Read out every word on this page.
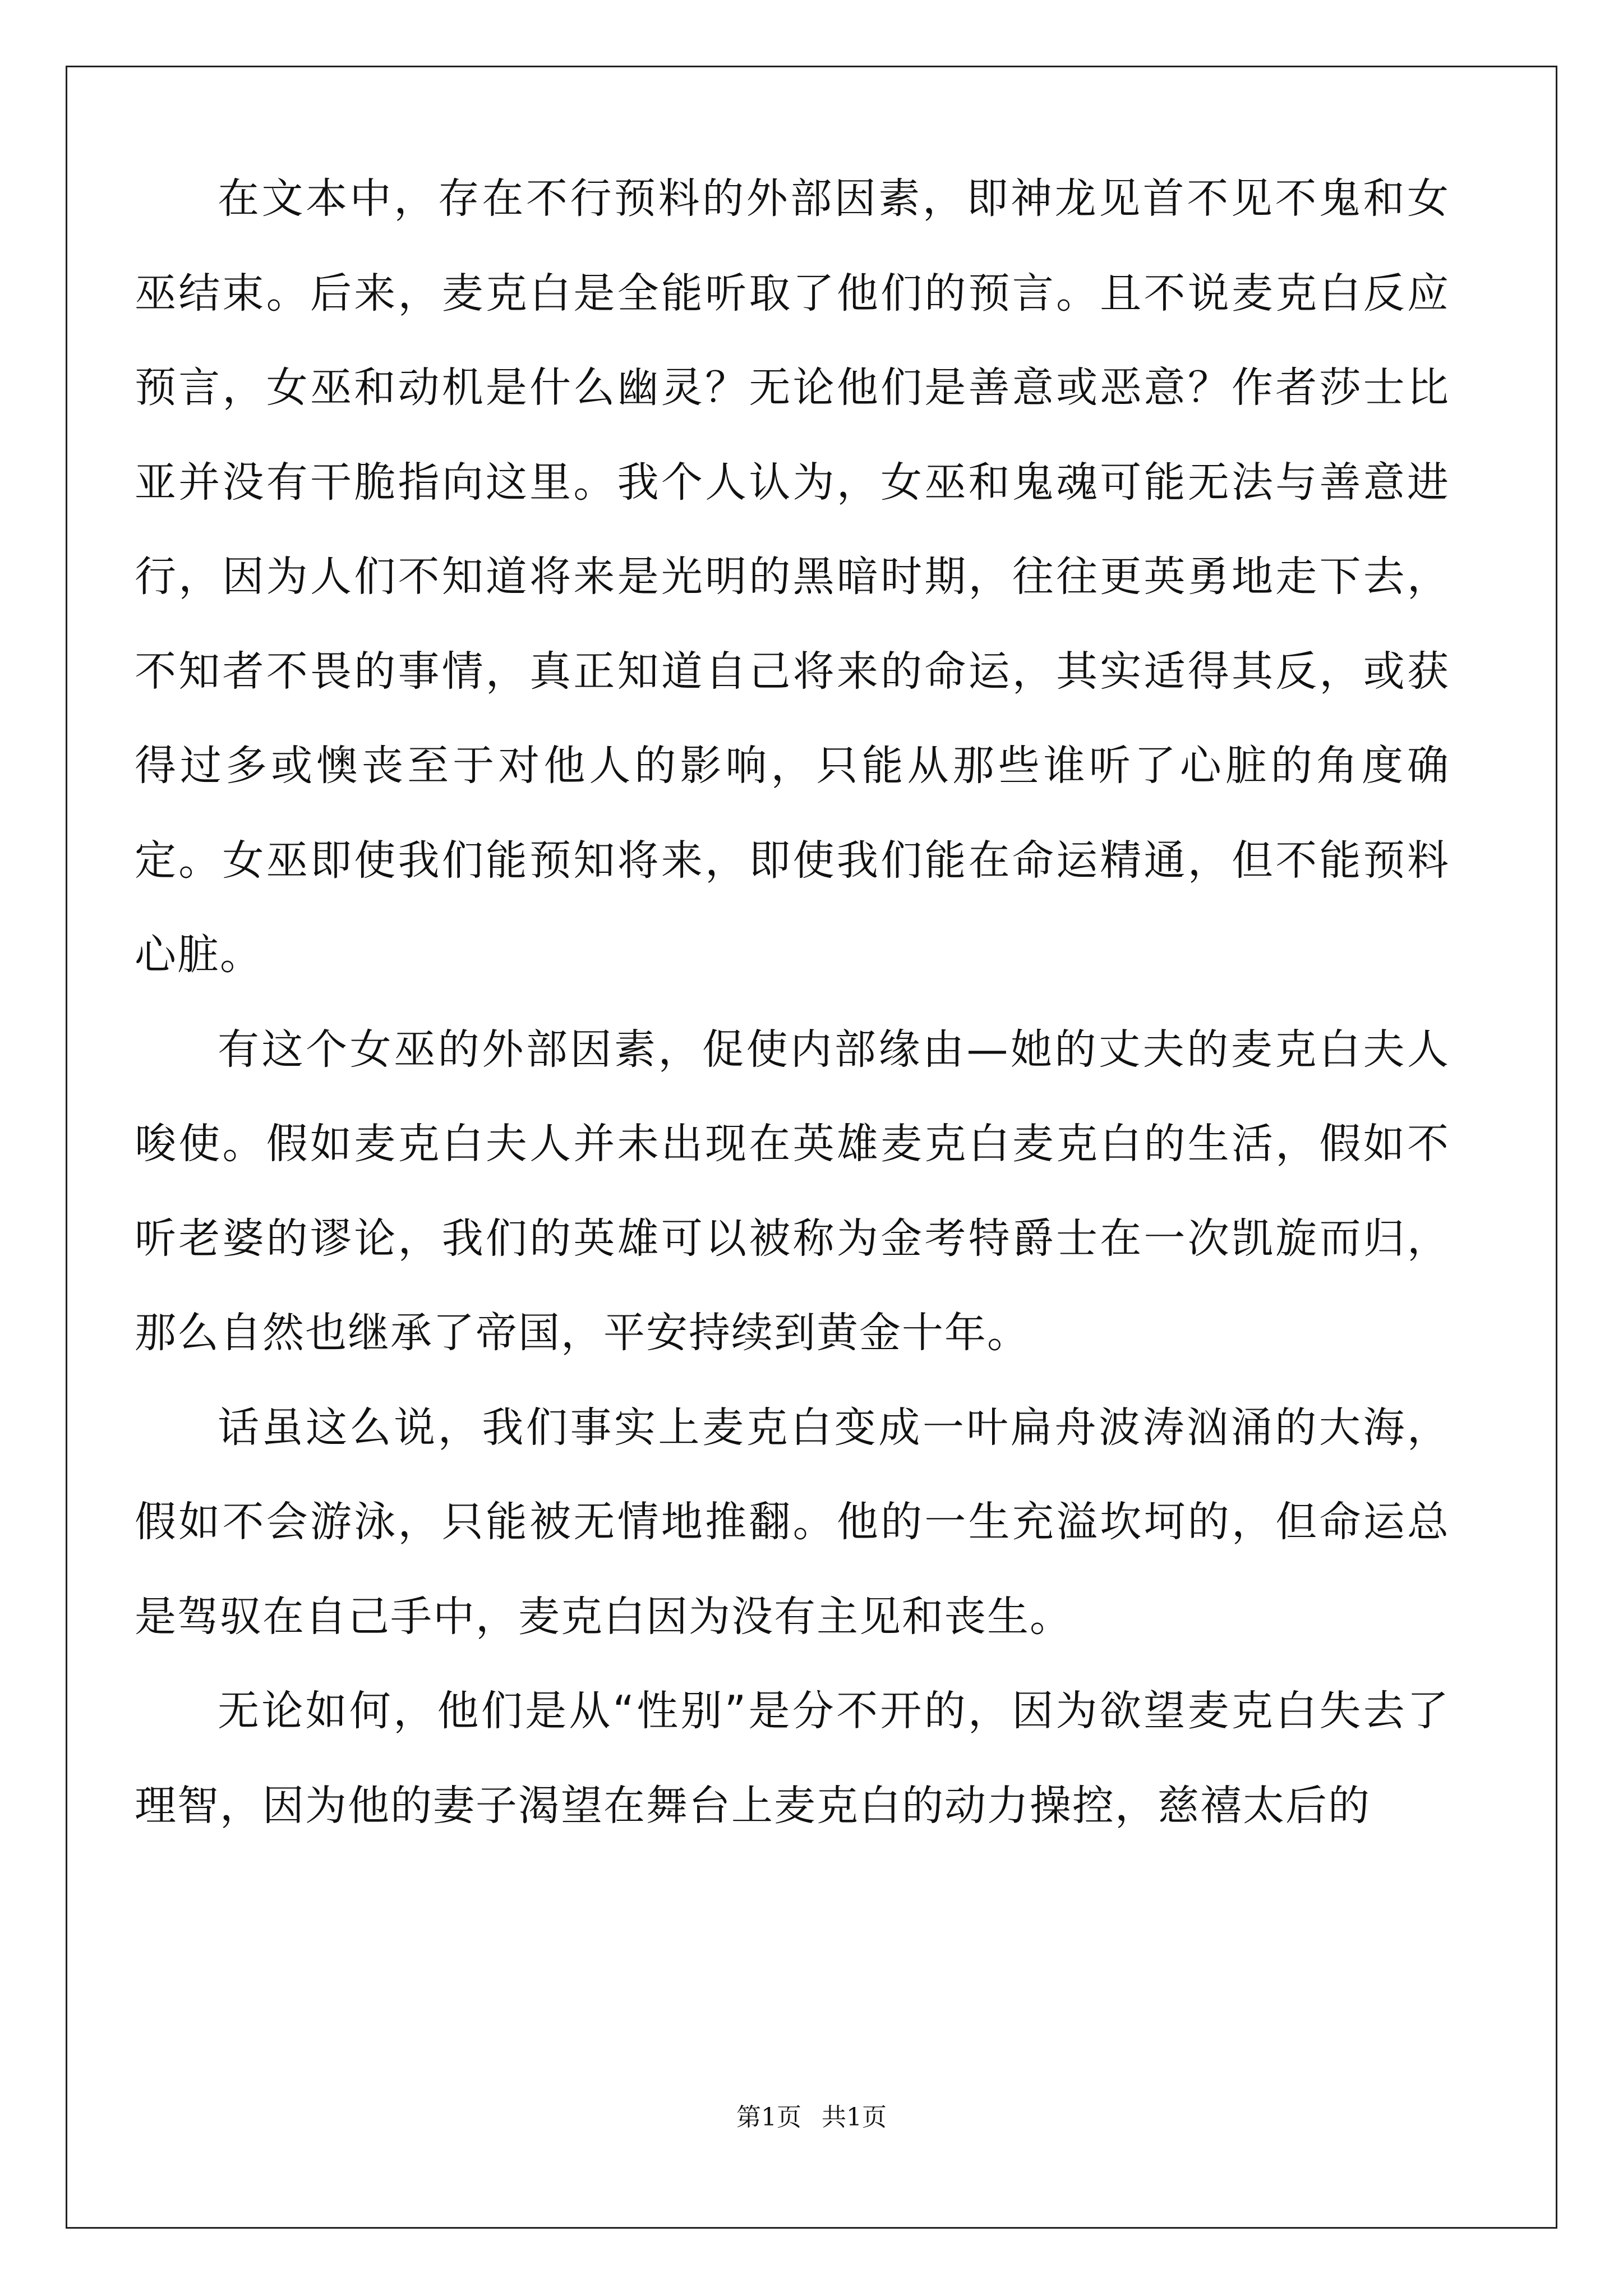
在文本中，存在不行预料的外部因素，即神龙见首不见不鬼和女巫结束。后来，麦克白是全能听取了他们的预言。且不说麦克白反应预言，女巫和动机是什么幽灵？无论他们是善意或恶意？作者莎士比亚并没有干脆指向这里。我个人认为，女巫和鬼魂可能无法与善意进行，因为人们不知道将来是光明的黑暗时期，往往更英勇地走下去，不知者不畏的事情，真正知道自己将来的命运，其实适得其反，或获得过多或懊丧至于对他人的影响，只能从那些谁听了心脏的角度确定。女巫即使我们能预知将来，即使我们能在命运精通，但不能预料心脏。

有这个女巫的外部因素，促使内部缘由—她的丈夫的麦克白夫人唆使。假如麦克白夫人并未出现在英雄麦克白麦克白的生活，假如不听老婆的谬论，我们的英雄可以被称为金考特爵士在一次凯旋而归，那么自然也继承了帝国，平安持续到黄金十年。

话虽这么说，我们事实上麦克白变成一叶扁舟波涛汹涌的大海，假如不会游泳，只能被无情地推翻。他的一生充溢坎坷的，但命运总是驾驭在自己手中，麦克白因为没有主见和丧生。

无论如何，他们是从“性别”是分不开的，因为欲望麦克白失去了理智，因为他的妻子渴望在舞台上麦克白的动力操控，慈禧太后的

第1页 共1页
